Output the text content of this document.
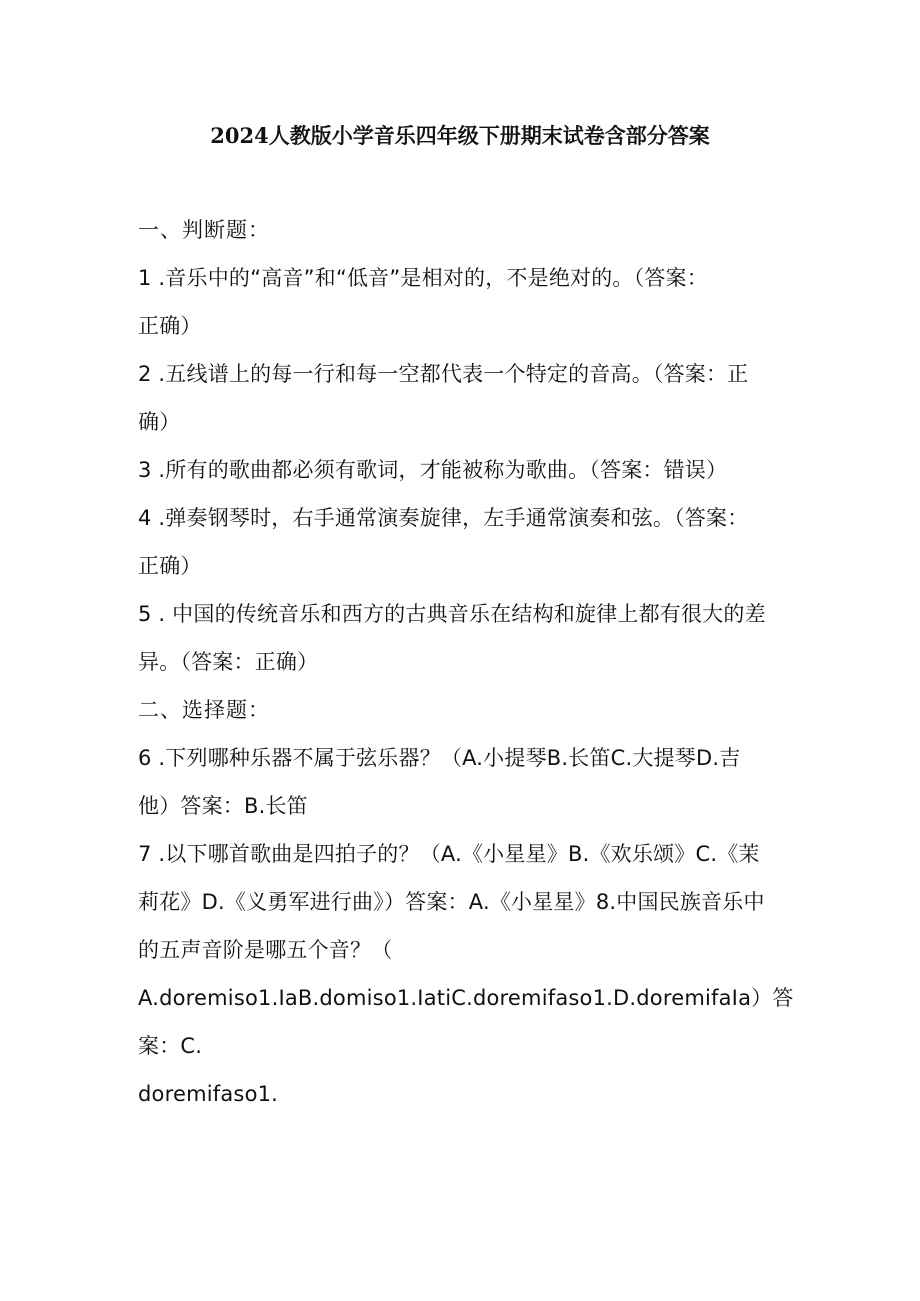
2024人教版小学音乐四年级下册期末试卷含部分答案
一、判断题：
1 .音乐中的“高音”和“低音”是相对的，不是绝对的。（答案：
正确）
2 .五线谱上的每一行和每一空都代表一个特定的音高。（答案：正
确）
3 .所有的歌曲都必须有歌词，才能被称为歌曲。（答案：错误）
4 .弹奏钢琴时，右手通常演奏旋律，左手通常演奏和弦。（答案：
正确）
5 . 中国的传统音乐和西方的古典音乐在结构和旋律上都有很大的差
异。（答案：正确）
二、选择题：
6 .下列哪种乐器不属于弦乐器？（A.小提琴B.长笛C.大提琴D.吉
他）答案：B.长笛
7 .以下哪首歌曲是四拍子的？（A.《小星星》B.《欢乐颂》C.《茉
莉花》D.《义勇军进行曲》）答案：A.《小星星》8.中国民族音乐中
的五声音阶是哪五个音？（
A.doremiso1.IaB.domiso1.IatiC.doremifaso1.D.doremifaIa）答
案：C.
doremifaso1.
